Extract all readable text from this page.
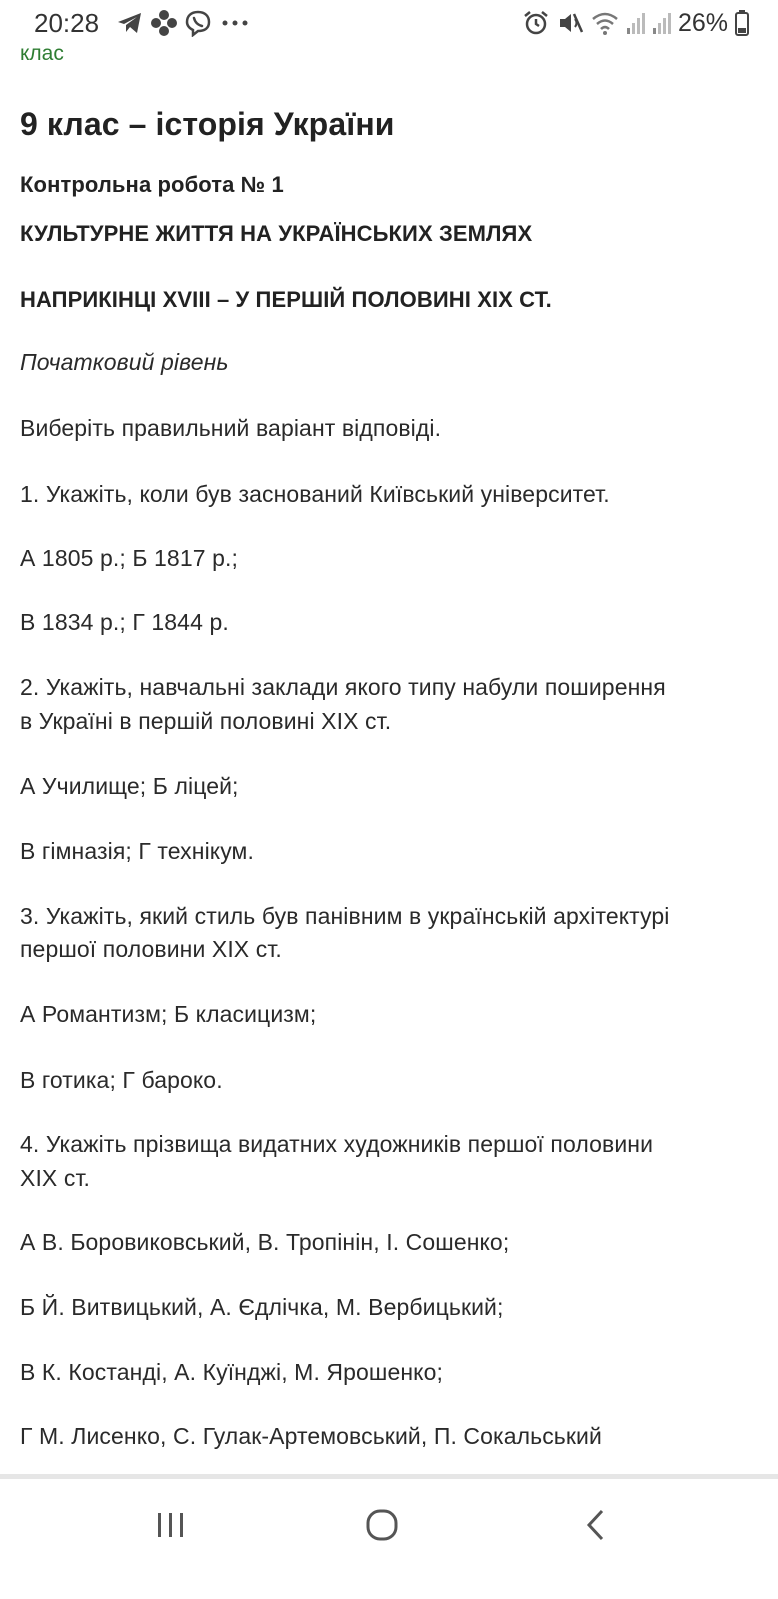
20:28	26%
клас
9 клас – історія України
Контрольна робота № 1
КУЛЬТУРНЕ ЖИТТЯ НА УКРАЇНСЬКИХ ЗЕМЛЯХ
НАПРИКІНЦІ XVIII – У ПЕРШІЙ ПОЛОВИНІ XIX СТ.
Початковий рівень
Виберіть правильний варіант відповіді.
1. Укажіть, коли був заснований Київський університет.
А 1805 р.; Б 1817 р.;
В 1834 р.; Г 1844 р.
2. Укажіть, навчальні заклади якого типу набули поширення
в Україні в першій половині XIX ст.
А Училище; Б ліцей;
В гімназія; Г технікум.
3. Укажіть, який стиль був панівним в українській архітектурі
першої половини XIX ст.
А Романтизм; Б класицизм;
В готика; Г бароко.
4. Укажіть прізвища видатних художників першої половини
XIX ст.
А В. Боровиковський, В. Тропінін, І. Сошенко;
Б Й. Витвицький, А. Єдлічка, М. Вербицький;
В К. Костанді, А. Куїнджі, М. Ярошенко;
Г М. Лисенко, С. Гулак-Артемовський, П. Сокальський
